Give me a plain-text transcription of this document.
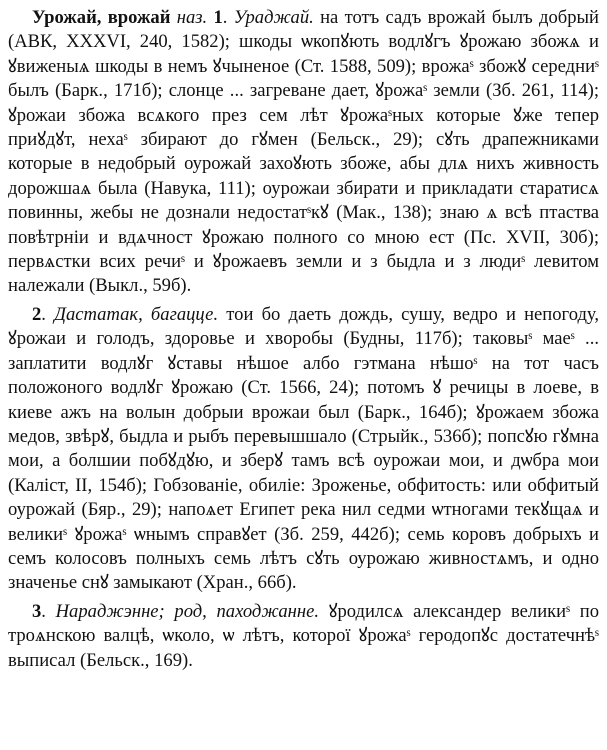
Урожай, врожай наз. 1. Ураджай. на тотъ садъ врожай былъ добрый (АВК, XXXVI, 240, 1582); шкоды ѡкопꙋють водлꙋгъ ꙋрожаю збожѧ и ꙋвиженыѧ шкоды в немъ ꙋчыненое (Ст. 1588, 509); врожаˢ збожꙋ середниˢ былъ (Барк., 171б); слонце ... загреване дает, ꙋрожаˢ земли (Зб. 261, 114); ꙋрожаи збожа всѧкого през сем лѣт ꙋрожаˢных которые ꙋже тепер приꙋдꙋт, нехаˢ збирают до гꙋмен (Бельск., 29); сꙋть драпежниками которые в недобрый оурожай захоꙋють збоже, абы длѧ нихъ живность дорожшаѧ была (Навука, 111); оурожаи збирати и прикладати старатисѧ повинны, жебы не дознали недостатˢкꙋ (Мак., 138); знаю ѧ всѣ птаства повѣтрніи и вдѧчност ꙋрожаю полного со мною ест (Пс. XVII, 30б); первѧстки всих речиˢ и ꙋрожаевъ земли и з быдла и з людиˢ левитом належали (Выкл., 59б).

2. Дастатак, багацце. тои бо даеть дождь, сушу, ведро и непогоду, ꙋрожаи и голодъ, здоровье и хворобы (Будны, 117б); таковыˢ маеˢ ... заплатити водлꙋг ꙋставы нѣшое албо гэтмана нѣшоˢ на тот часъ положоного водлꙋг ꙋрожаю (Ст. 1566, 24); потомъ ꙋ речицы в лоеве, в киеве ажъ на волын добрыи врожаи был (Барк., 164б); ꙋрожаем збожа медов, звѣрꙋ, быдла и рыбъ перевышшало (Стрыйк., 536б); попсꙋю гꙋмна мои, а болшии побꙋдꙋю, и зберꙋ тамъ всѣ оурожаи мои, и дѡбра мои (Каліст, II, 154б); Гобзованіе, обиліе: Зроженье, обфитость: или обфитый оурожай (Бяр., 29); напоѧет Египет река нил седми ѡтногами текꙋщаѧ и великиˢ ꙋрожаˢ ѡнымъ справꙋет (Зб. 259, 442б); семь коровъ добрыхъ и семъ колосовъ полныхъ семь лѣтъ сꙋть оурожаю живностѧмъ, и одно значенье снꙋ замыкают (Хран., 66б).

3. Нараджэнне; род, паходжанне. ꙋродилсѧ александер великиˢ по троѧнскою валцѣ, ѡколо, ѡ лѣтъ, которої ꙋрожаˢ геродопꙋс достатечнѣˢ выписал (Бельск., 169).
